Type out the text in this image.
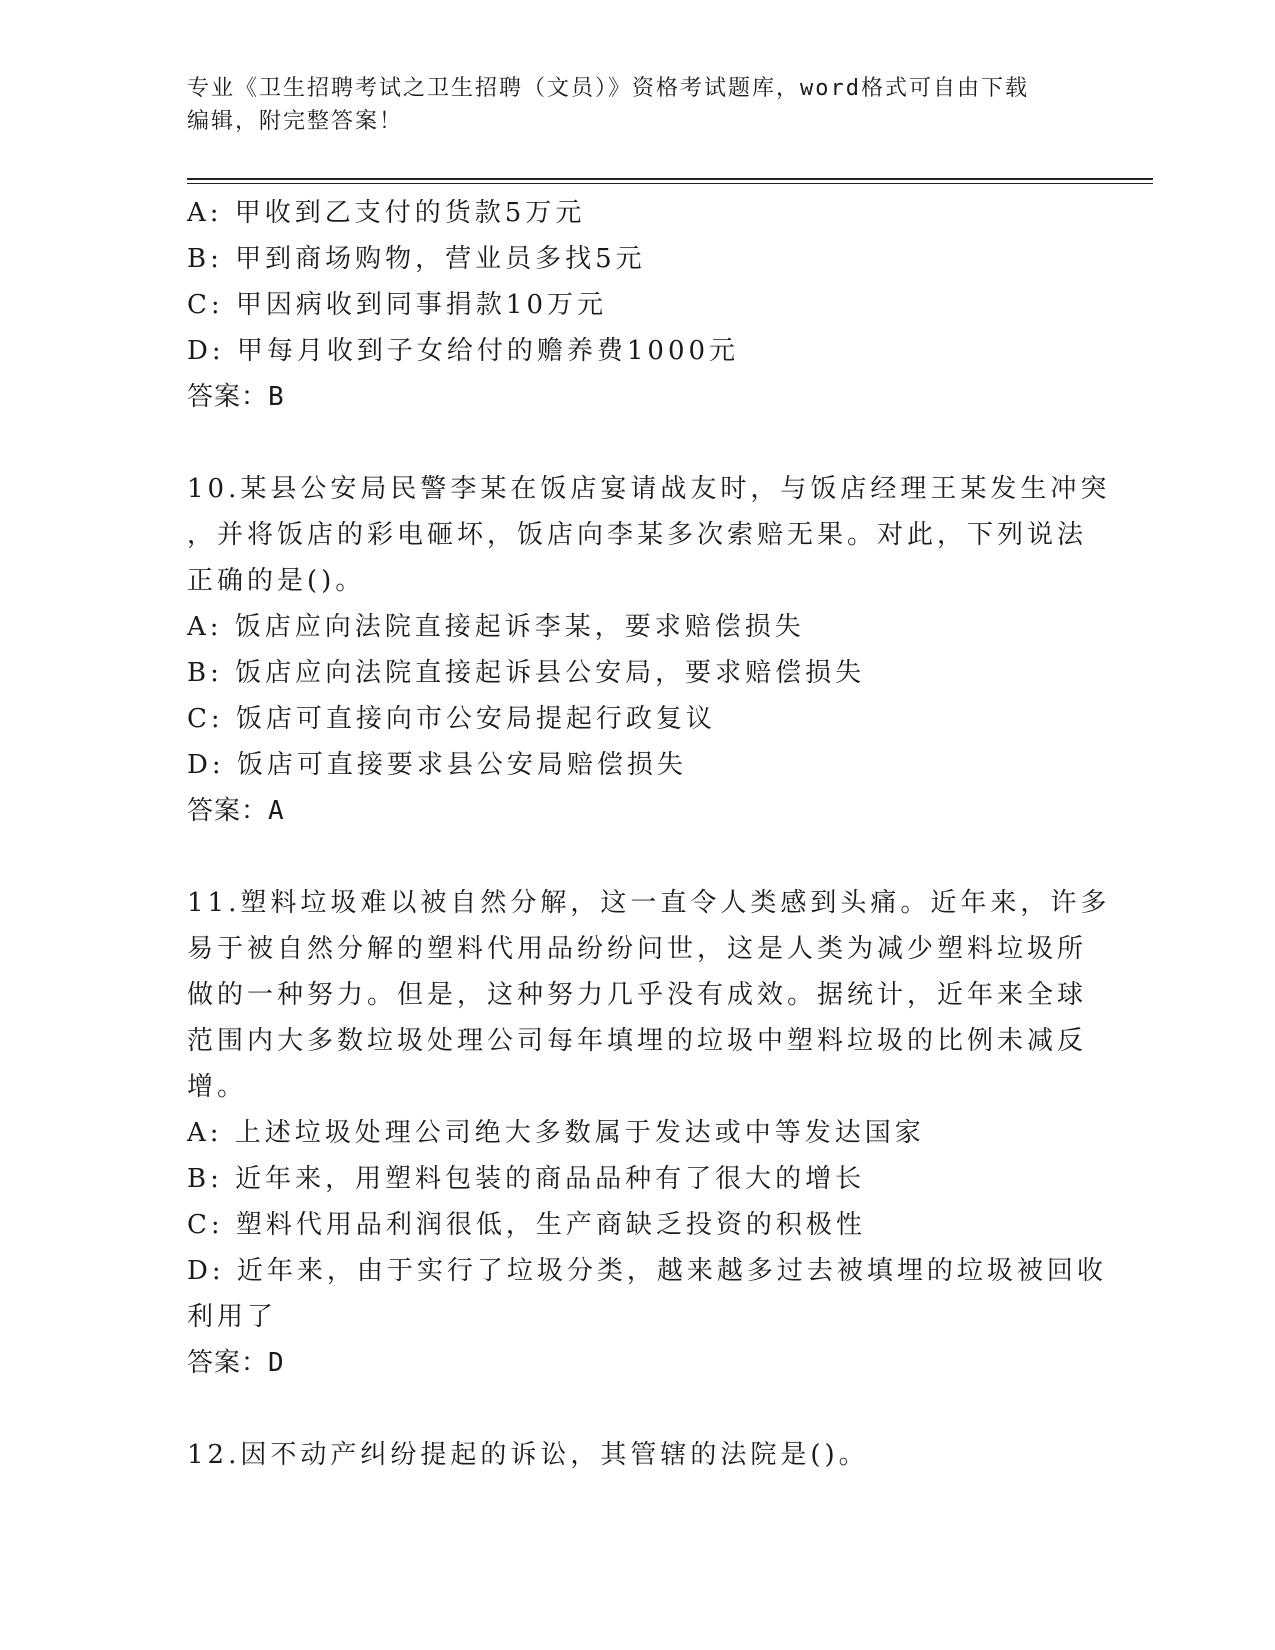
专业《卫生招聘考试之卫生招聘（文员）》资格考试题库，word格式可自由下载
编辑，附完整答案！
A: 甲收到乙支付的货款5万元
B: 甲到商场购物，营业员多找5元
C: 甲因病收到同事捐款10万元
D: 甲每月收到子女给付的赡养费1000元
答案：B
10.某县公安局民警李某在饭店宴请战友时，与饭店经理王某发生冲突
，并将饭店的彩电砸坏，饭店向李某多次索赔无果。对此，下列说法
正确的是()。
A: 饭店应向法院直接起诉李某，要求赔偿损失
B: 饭店应向法院直接起诉县公安局，要求赔偿损失
C: 饭店可直接向市公安局提起行政复议
D: 饭店可直接要求县公安局赔偿损失
答案：A
11.塑料垃圾难以被自然分解，这一直令人类感到头痛。近年来，许多
易于被自然分解的塑料代用品纷纷问世，这是人类为减少塑料垃圾所
做的一种努力。但是，这种努力几乎没有成效。据统计，近年来全球
范围内大多数垃圾处理公司每年填埋的垃圾中塑料垃圾的比例未减反
增。
A: 上述垃圾处理公司绝大多数属于发达或中等发达国家
B: 近年来，用塑料包装的商品品种有了很大的增长
C: 塑料代用品利润很低，生产商缺乏投资的积极性
D: 近年来，由于实行了垃圾分类，越来越多过去被填埋的垃圾被回收
利用了
答案：D
12.因不动产纠纷提起的诉讼，其管辖的法院是()。
